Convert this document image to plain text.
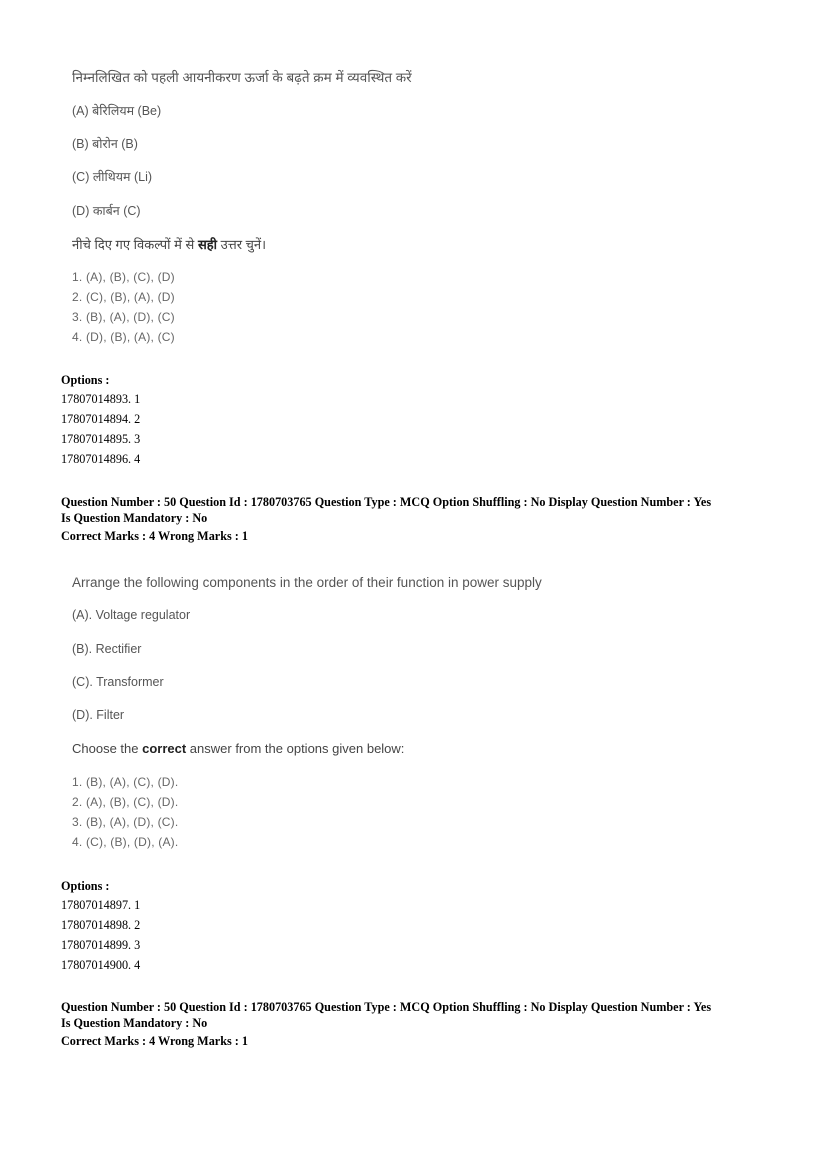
निम्नलिखित को पहली आयनीकरण ऊर्जा के बढ़ते क्रम में व्यवस्थित करें
(A) बेरिलियम (Be)
(B) बोरोन (B)
(C) लीथियम (Li)
(D) कार्बन (C)
नीचे दिए गए विकल्पों में से सही उत्तर चुनें।
1. (A), (B), (C), (D)
2. (C), (B), (A), (D)
3. (B), (A), (D), (C)
4. (D), (B), (A), (C)
Options :
17807014893. 1
17807014894. 2
17807014895. 3
17807014896. 4
Question Number : 50 Question Id : 1780703765 Question Type : MCQ Option Shuffling : No Display Question Number : Yes
Is Question Mandatory : No
Correct Marks : 4 Wrong Marks : 1
Arrange the following components in the order of their function in power supply
(A). Voltage regulator
(B). Rectifier
(C). Transformer
(D). Filter
Choose the correct answer from the options given below:
1. (B), (A), (C), (D).
2. (A), (B), (C), (D).
3. (B), (A), (D), (C).
4. (C), (B), (D), (A).
Options :
17807014897. 1
17807014898. 2
17807014899. 3
17807014900. 4
Question Number : 50 Question Id : 1780703765 Question Type : MCQ Option Shuffling : No Display Question Number : Yes
Is Question Mandatory : No
Correct Marks : 4 Wrong Marks : 1
